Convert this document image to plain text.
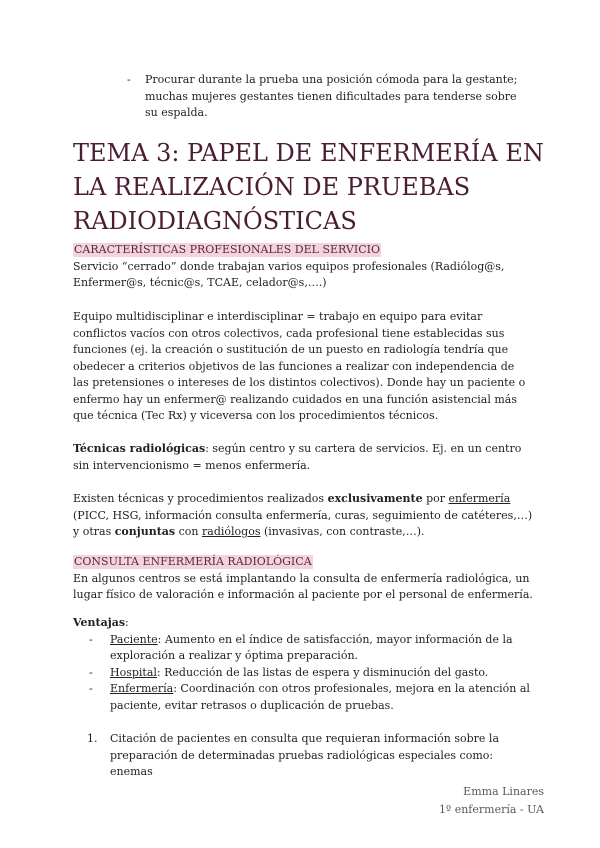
- Procurar durante la prueba una posición cómoda para la gestante; muchas mujeres gestantes tienen dificultades para tenderse sobre su espalda.
TEMA 3: PAPEL DE ENFERMERÍA EN LA REALIZACIÓN DE PRUEBAS RADIODIAGNÓSTICAS
CARACTERÍSTICAS PROFESIONALES DEL SERVICIO

Servicio “cerrado” donde trabajan varios equipos profesionales (Radiólog@s, Enfermer@s, técnic@s, TCAE, celador@s,….)

Equipo multidisciplinar e interdisciplinar = trabajo en equipo para evitar conflictos vacíos con otros colectivos, cada profesional tiene establecidas sus funciones (ej. la creación o sustitución de un puesto en radiología tendría que obedecer a criterios objetivos de las funciones a realizar con independencia de las pretensiones o intereses de los distintos colectivos). Donde hay un paciente o enfermo hay un enfermer@ realizando cuidados en una función asistencial más que técnica (Tec Rx) y viceversa con los procedimientos técnicos.

Técnicas radiológicas: según centro y su cartera de servicios. Ej. en un centro sin intervencionismo = menos enfermería.

Existen técnicas y procedimientos realizados exclusivamente por enfermería (PICC, HSG, información consulta enfermería, curas, seguimiento de catéteres,…) y otras conjuntas con radiólogos (invasivas, con contraste,…).

CONSULTA ENFERMERÍA RADIOLÓGICA

En algunos centros se está implantando la consulta de enfermería radiológica, un lugar físico de valoración e información al paciente por el personal de enfermería.

Ventajas:

- Paciente: Aumento en el índice de satisfacción, mayor información de la exploración a realizar y óptima preparación.
- Hospital: Reducción de las listas de espera y disminución del gasto.
- Enfermería: Coordinación con otros profesionales, mejora en la atención al paciente, evitar retrasos o duplicación de pruebas.
1. Citación de pacientes en consulta que requieran información sobre la preparación de determinadas pruebas radiológicas especiales como: enemas
Emma Linares
1º enfermería - UA
